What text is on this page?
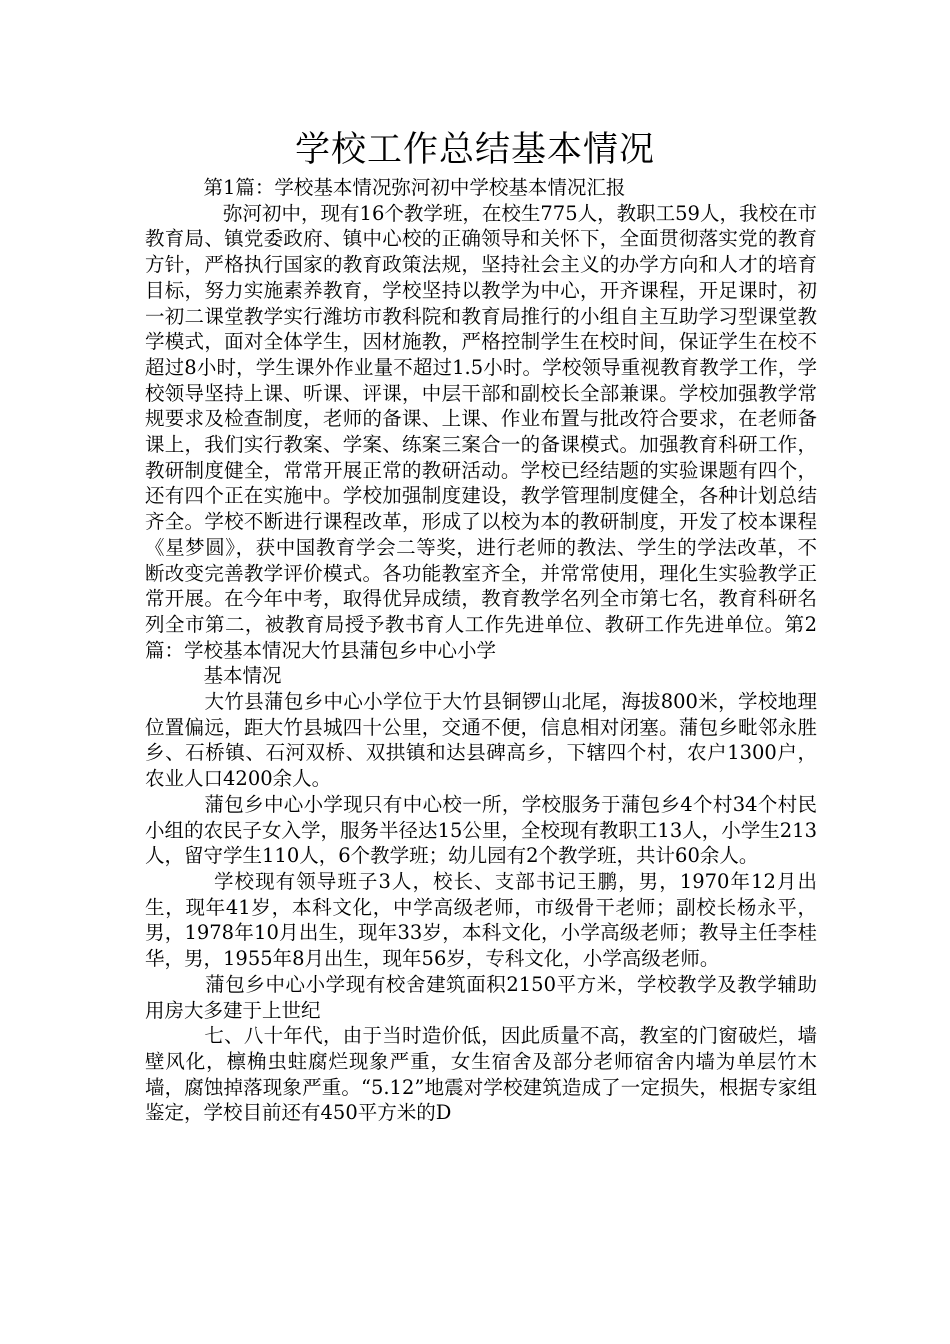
学校工作总结基本情况

　　　第1篇：学校基本情况弥河初中学校基本情况汇报

　　　　弥河初中，现有16个教学班，在校生775人，教职工59人，我校在市教育局、镇党委政府、镇中心校的正确领导和关怀下，全面贯彻落实党的教育方针，严格执行国家的教育政策法规，坚持社会主义的办学方向和人才的培育目标，努力实施素养教育，学校坚持以教学为中心，开齐课程，开足课时，初一初二课堂教学实行潍坊市教科院和教育局推行的小组自主互助学习型课堂教学模式，面对全体学生，因材施教，严格控制学生在校时间，保证学生在校不超过8小时，学生课外作业量不超过1.5小时。学校领导重视教育教学工作，学校领导坚持上课、听课、评课，中层干部和副校长全部兼课。学校加强教学常规要求及检查制度，老师的备课、上课、作业布置与批改符合要求，在老师备课上，我们实行教案、学案、练案三案合一的备课模式。加强教育科研工作，教研制度健全，常常开展正常的教研活动。学校已经结题的实验课题有四个，还有四个正在实施中。学校加强制度建设，教学管理制度健全，各种计划总结齐全。学校不断进行课程改革，形成了以校为本的教研制度，开发了校本课程《星梦圆》，获中国教育学会二等奖，进行老师的教法、学生的学法改革，不断改变完善教学评价模式。各功能教室齐全，并常常使用，理化生实验教学正常开展。在今年中考，取得优异成绩，教育教学名列全市第七名，教育科研名列全市第二，被教育局授予教书育人工作先进单位、教研工作先进单位。第2篇：学校基本情况大竹县蒲包乡中心小学

　　　基本情况

　　　大竹县蒲包乡中心小学位于大竹县铜锣山北尾，海拔800米，学校地理位置偏远，距大竹县城四十公里，交通不便，信息相对闭塞。蒲包乡毗邻永胜乡、石桥镇、石河双桥、双拱镇和达县碑高乡，下辖四个村，农户1300户，农业人口4200余人。

　　　蒲包乡中心小学现只有中心校一所，学校服务于蒲包乡4个村34个村民小组的农民子女入学，服务半径达15公里，全校现有教职工13人，小学生213人，留守学生110人，6个教学班；幼儿园有2个教学班，共计60余人。

　　　 学校现有领导班子3人，校长、支部书记王鹏，男，1970年12月出生，现年41岁，本科文化，中学高级老师，市级骨干老师；副校长杨永平，男，1978年10月出生，现年33岁，本科文化，小学高级老师；教导主任李桂华，男，1955年8月出生，现年56岁，专科文化，小学高级老师。

　　　蒲包乡中心小学现有校舍建筑面积2150平方米，学校教学及教学辅助用房大多建于上世纪

　　　七、八十年代，由于当时造价低，因此质量不高，教室的门窗破烂，墙壁风化，檩桷虫蛀腐烂现象严重，女生宿舍及部分老师宿舍内墙为单层竹木墙，腐蚀掉落现象严重。“5.12”地震对学校建筑造成了一定损失，根据专家组鉴定，学校目前还有450平方米的D
